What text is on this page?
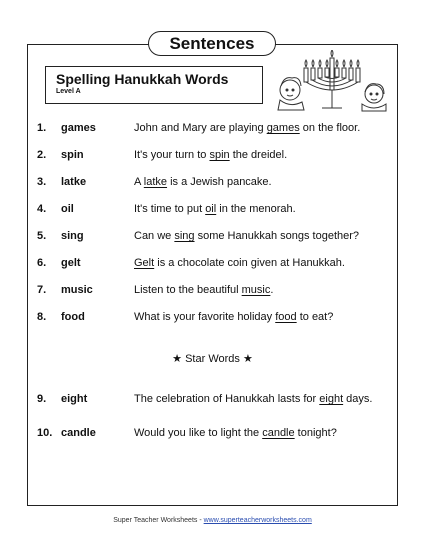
Sentences
Spelling Hanukkah Words
Level A
1.	games	John and Mary are playing games on the floor.
2.	spin	It's your turn to spin the dreidel.
3.	latke	A latke is a Jewish pancake.
4.	oil	It's time to put oil in the menorah.
5.	sing	Can we sing some Hanukkah songs together?
6.	gelt	Gelt is a chocolate coin given at Hanukkah.
7.	music	Listen to the beautiful music.
8.	food	What is your favorite holiday food to eat?
9.	eight	The celebration of Hanukkah lasts for eight days.
10. candle	Would you like to light the candle tonight?
★ Star Words ★
Super Teacher Worksheets - www.superteacherworksheets.com
